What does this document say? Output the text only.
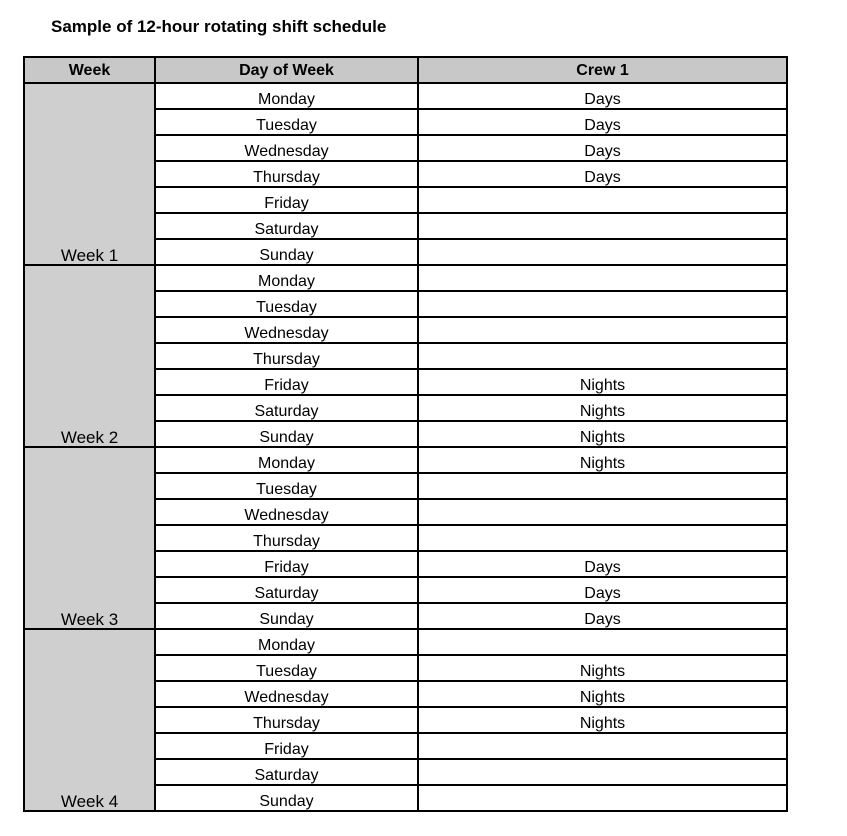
Sample of 12-hour rotating shift schedule
Week	Day of Week	Crew 1
Week 1	Monday	Days
	Tuesday	Days
	Wednesday	Days
	Thursday	Days
	Friday	
	Saturday	
	Sunday	
Week 2	Monday	
	Tuesday	
	Wednesday	
	Thursday	
	Friday	Nights
	Saturday	Nights
	Sunday	Nights
Week 3	Monday	Nights
	Tuesday	
	Wednesday	
	Thursday	
	Friday	Days
	Saturday	Days
	Sunday	Days
Week 4	Monday	
	Tuesday	Nights
	Wednesday	Nights
	Thursday	Nights
	Friday	
	Saturday	
	Sunday	
